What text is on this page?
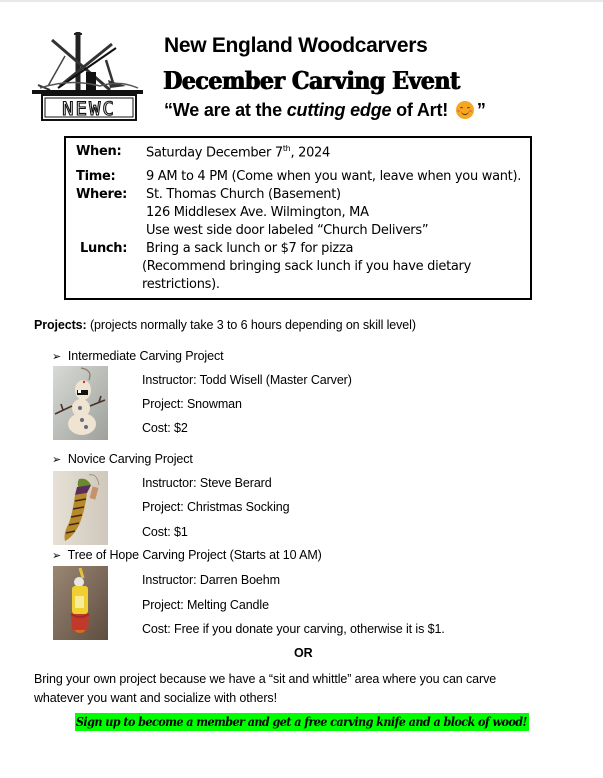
NEWC
New England Woodcarvers
December Carving Event
“We are at the cutting edge of Art!
”
When: Saturday December 7th, 2024
Time: 9 AM to 4 PM (Come when you want, leave when you want).
Where: St. Thomas Church (Basement)
126 Middlesex Ave. Wilmington, MA
Use west side door labeled “Church Delivers”
Lunch: Bring a sack lunch or $7 for pizza
(Recommend bringing sack lunch if you have dietary
restrictions).
Projects: (projects normally take 3 to 6 hours depending on skill level)
➢ Intermediate Carving Project
Instructor: Todd Wisell (Master Carver)
Project: Snowman
Cost: $2
➢ Novice Carving Project
Instructor: Steve Berard
Project: Christmas Socking
Cost: $1
➢ Tree of Hope Carving Project (Starts at 10 AM)
Instructor: Darren Boehm
Project: Melting Candle
Cost: Free if you donate your carving, otherwise it is $1.
OR
Bring your own project because we have a “sit and whittle” area where you can carve
whatever you want and socialize with others!
Sign up to become a member and get a free carving knife and a block of wood!
